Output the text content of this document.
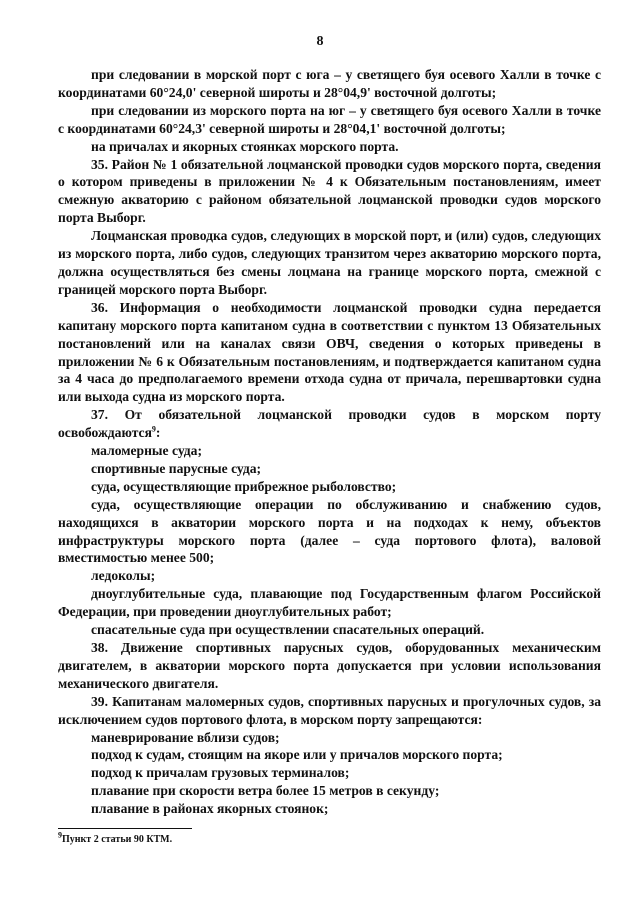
8

при следовании в морской порт с юга – у светящего буя осевого Халли в точке с координатами 60°24,0' северной широты и 28°04,9' восточной долготы;

при следовании из морского порта на юг – у светящего буя осевого Халли в точке с координатами 60°24,3' северной широты и 28°04,1' восточной долготы;

на причалах и якорных стоянках морского порта.

35. Район № 1 обязательной лоцманской проводки судов морского порта, сведения о котором приведены в приложении № 4 к Обязательным постановлениям, имеет смежную акваторию с районом обязательной лоцманской проводки судов морского порта Выборг.

Лоцманская проводка судов, следующих в морской порт, и (или) судов, следующих из морского порта, либо судов, следующих транзитом через акваторию морского порта, должна осуществляться без смены лоцмана на границе морского порта, смежной с границей морского порта Выборг.

36. Информация о необходимости лоцманской проводки судна передается капитану морского порта капитаном судна в соответствии с пунктом 13 Обязательных постановлений или на каналах связи ОВЧ, сведения о которых приведены в приложении № 6 к Обязательным постановлениям, и подтверждается капитаном судна за 4 часа до предполагаемого времени отхода судна от причала, перешвартовки судна или выхода судна из морского порта.

37. От обязательной лоцманской проводки судов в морском порту освобождаются$^9$:

маломерные суда;

спортивные парусные суда;

суда, осуществляющие прибрежное рыболовство;

суда, осуществляющие операции по обслуживанию и снабжению судов, находящихся в акватории морского порта и на подходах к нему, объектов инфраструктуры морского порта (далее – суда портового флота), валовой вместимостью менее 500;

ледоколы;

дноуглубительные суда, плавающие под Государственным флагом Российской Федерации, при проведении дноуглубительных работ;

спасательные суда при осуществлении спасательных операций.

38. Движение спортивных парусных судов, оборудованных механическим двигателем, в акватории морского порта допускается при условии использования механического двигателя.

39. Капитанам маломерных судов, спортивных парусных и прогулочных судов, за исключением судов портового флота, в морском порту запрещаются:

маневрирование вблизи судов;

подход к судам, стоящим на якоре или у причалов морского порта;

подход к причалам грузовых терминалов;

плавание при скорости ветра более 15 метров в секунду;

плавание в районах якорных стоянок;

$^9$Пункт 2 статьи 90 КТМ.
